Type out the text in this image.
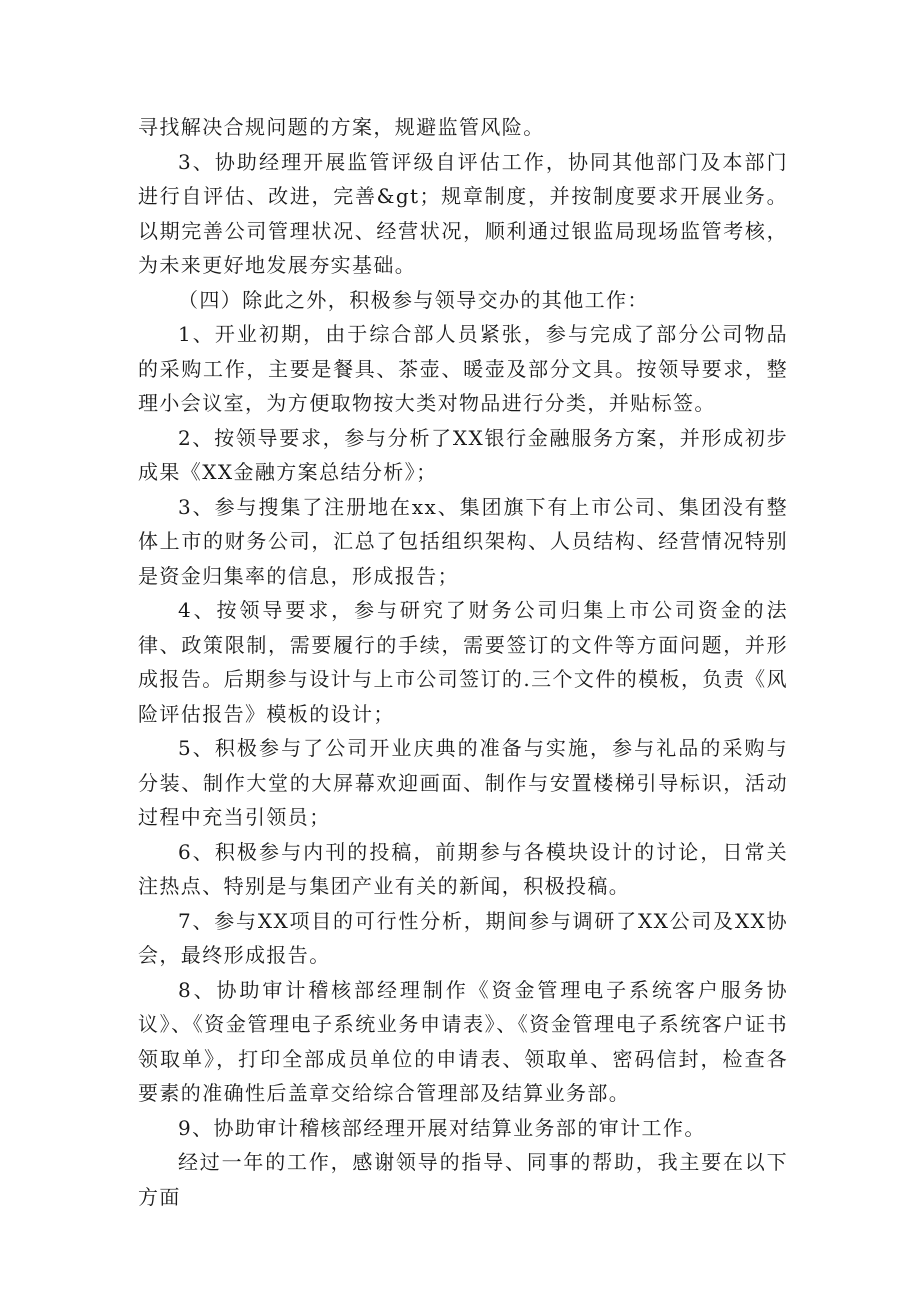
寻找解决合规问题的方案，规避监管风险。

3、协助经理开展监管评级自评估工作，协同其他部门及本部门进行自评估、改进，完善&gt；规章制度，并按制度要求开展业务。以期完善公司管理状况、经营状况，顺利通过银监局现场监管考核，为未来更好地发展夯实基础。

（四）除此之外，积极参与领导交办的其他工作：

1、开业初期，由于综合部人员紧张，参与完成了部分公司物品的采购工作，主要是餐具、茶壶、暖壶及部分文具。按领导要求，整理小会议室，为方便取物按大类对物品进行分类，并贴标签。

2、按领导要求，参与分析了XX银行金融服务方案，并形成初步成果《XX金融方案总结分析》；

3、参与搜集了注册地在xx、集团旗下有上市公司、集团没有整体上市的财务公司，汇总了包括组织架构、人员结构、经营情况特别是资金归集率的信息，形成报告；

4、按领导要求，参与研究了财务公司归集上市公司资金的法律、政策限制，需要履行的手续，需要签订的文件等方面问题，并形成报告。后期参与设计与上市公司签订的.三个文件的模板，负责《风险评估报告》模板的设计；

5、积极参与了公司开业庆典的准备与实施，参与礼品的采购与分装、制作大堂的大屏幕欢迎画面、制作与安置楼梯引导标识，活动过程中充当引领员；

6、积极参与内刊的投稿，前期参与各模块设计的讨论，日常关注热点、特别是与集团产业有关的新闻，积极投稿。

7、参与XX项目的可行性分析，期间参与调研了XX公司及XX协会，最终形成报告。

8、协助审计稽核部经理制作《资金管理电子系统客户服务协议》、《资金管理电子系统业务申请表》、《资金管理电子系统客户证书领取单》，打印全部成员单位的申请表、领取单、密码信封，检查各要素的准确性后盖章交给综合管理部及结算业务部。

9、协助审计稽核部经理开展对结算业务部的审计工作。

经过一年的工作，感谢领导的指导、同事的帮助，我主要在以下方面
